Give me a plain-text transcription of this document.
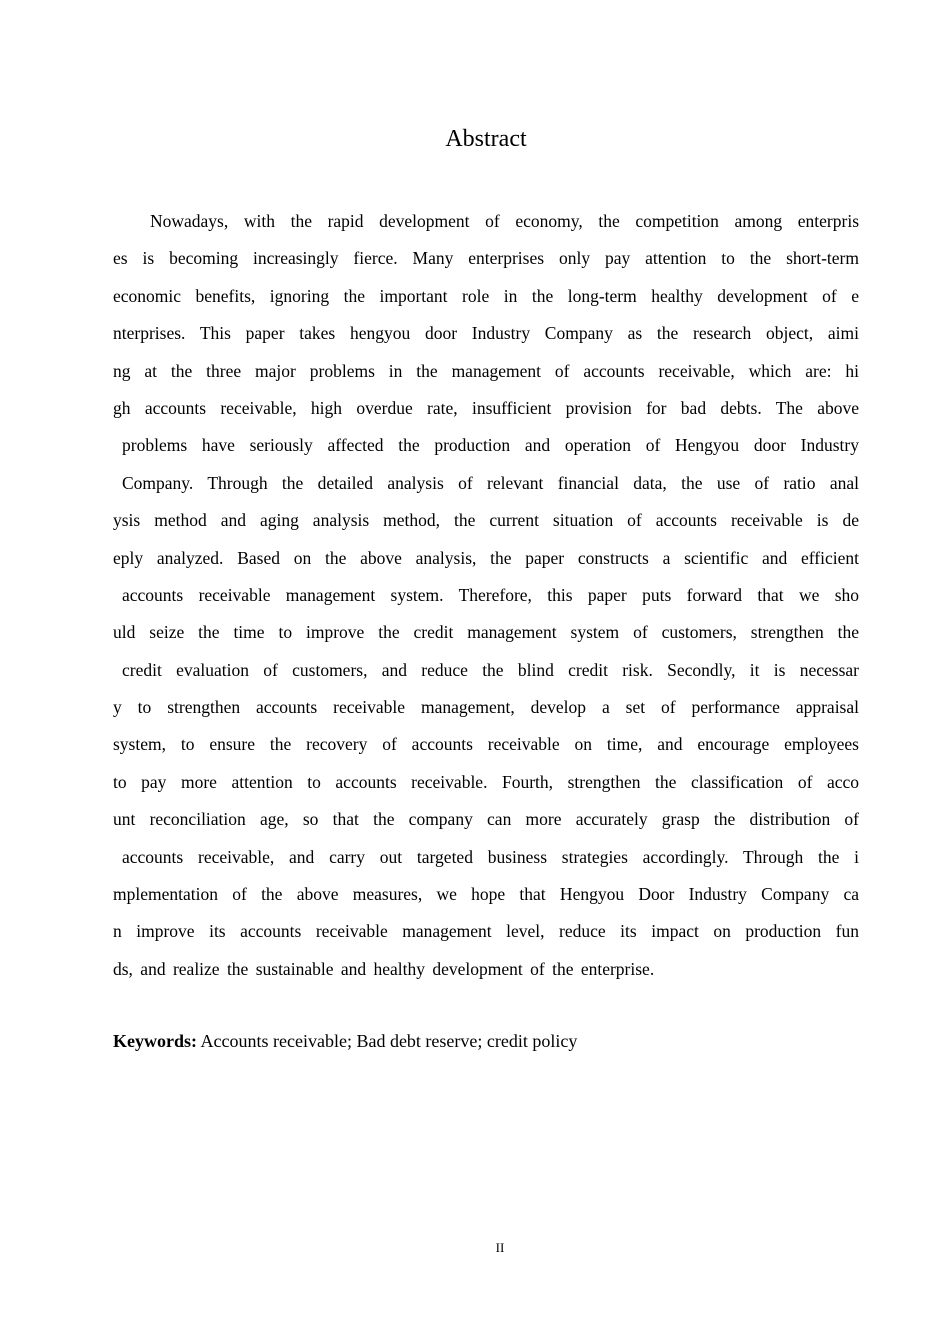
Abstract
Nowadays, with the rapid development of economy, the competition among enterpris
es is becoming increasingly fierce. Many enterprises only pay attention to the short-term
economic benefits, ignoring the important role in the long-term healthy development of e
nterprises. This paper takes hengyou door Industry Company as the research object, aimi
ng at the three major problems in the management of accounts receivable, which are: hi
gh accounts receivable, high overdue rate, insufficient provision for bad debts. The above
problems have seriously affected the production and operation of Hengyou door Industry
Company. Through the detailed analysis of relevant financial data, the use of ratio anal
ysis method and aging analysis method, the current situation of accounts receivable is de
eply analyzed. Based on the above analysis, the paper constructs a scientific and efficient
accounts receivable management system. Therefore, this paper puts forward that we sho
uld seize the time to improve the credit management system of customers, strengthen the
credit evaluation of customers, and reduce the blind credit risk. Secondly, it is necessar
y to strengthen accounts receivable management, develop a set of performance appraisal
system, to ensure the recovery of accounts receivable on time, and encourage employees
to pay more attention to accounts receivable. Fourth, strengthen the classification of acco
unt reconciliation age, so that the company can more accurately grasp the distribution of
accounts receivable, and carry out targeted business strategies accordingly. Through the i
mplementation of the above measures, we hope that Hengyou Door Industry Company ca
n improve its accounts receivable management level, reduce its impact on production fun
ds, and realize the sustainable and healthy development of the enterprise.
Keywords: Accounts receivable; Bad debt reserve; credit policy
II
